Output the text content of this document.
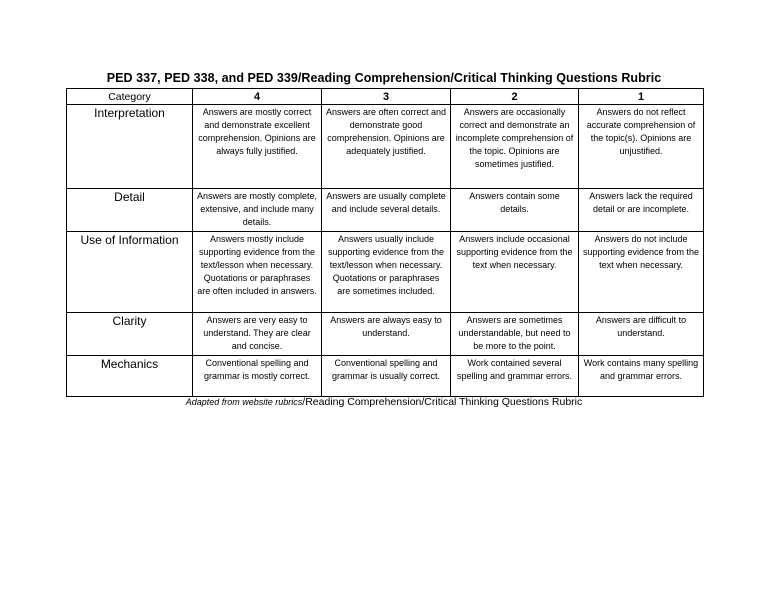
PED 337, PED 338, and PED 339/Reading Comprehension/Critical Thinking Questions Rubric
Category	4	3	2	1
Interpretation	Answers are mostly correct and demonstrate excellent comprehension. Opinions are always fully justified.	Answers are often correct and demonstrate good comprehension. Opinions are adequately justified.	Answers are occasionally correct and demonstrate an incomplete comprehension of the topic. Opinions are sometimes justified.	Answers do not reflect accurate comprehension of the topic(s). Opinions are unjustified.
Detail	Answers are mostly complete, extensive, and include many details.	Answers are usually complete and include several details.	Answers contain some details.	Answers lack the required detail or are incomplete.
Use of Information	Answers mostly include supporting evidence from the text/lesson when necessary. Quotations or paraphrases are often included in answers.	Answers usually include supporting evidence from the text/lesson when necessary. Quotations or paraphrases are sometimes included.	Answers include occasional supporting evidence from the text when necessary.	Answers do not include supporting evidence from the text when necessary.
Clarity	Answers are very easy to understand. They are clear and concise.	Answers are always easy to understand.	Answers are sometimes understandable, but need to be more to the point.	Answers are difficult to understand.
Mechanics	Conventional spelling and grammar is mostly correct.	Conventional spelling and grammar is usually correct.	Work contained several spelling and grammar errors.	Work contains many spelling and grammar errors.
Adapted from website rubrics/Reading Comprehension/Critical Thinking Questions Rubric
